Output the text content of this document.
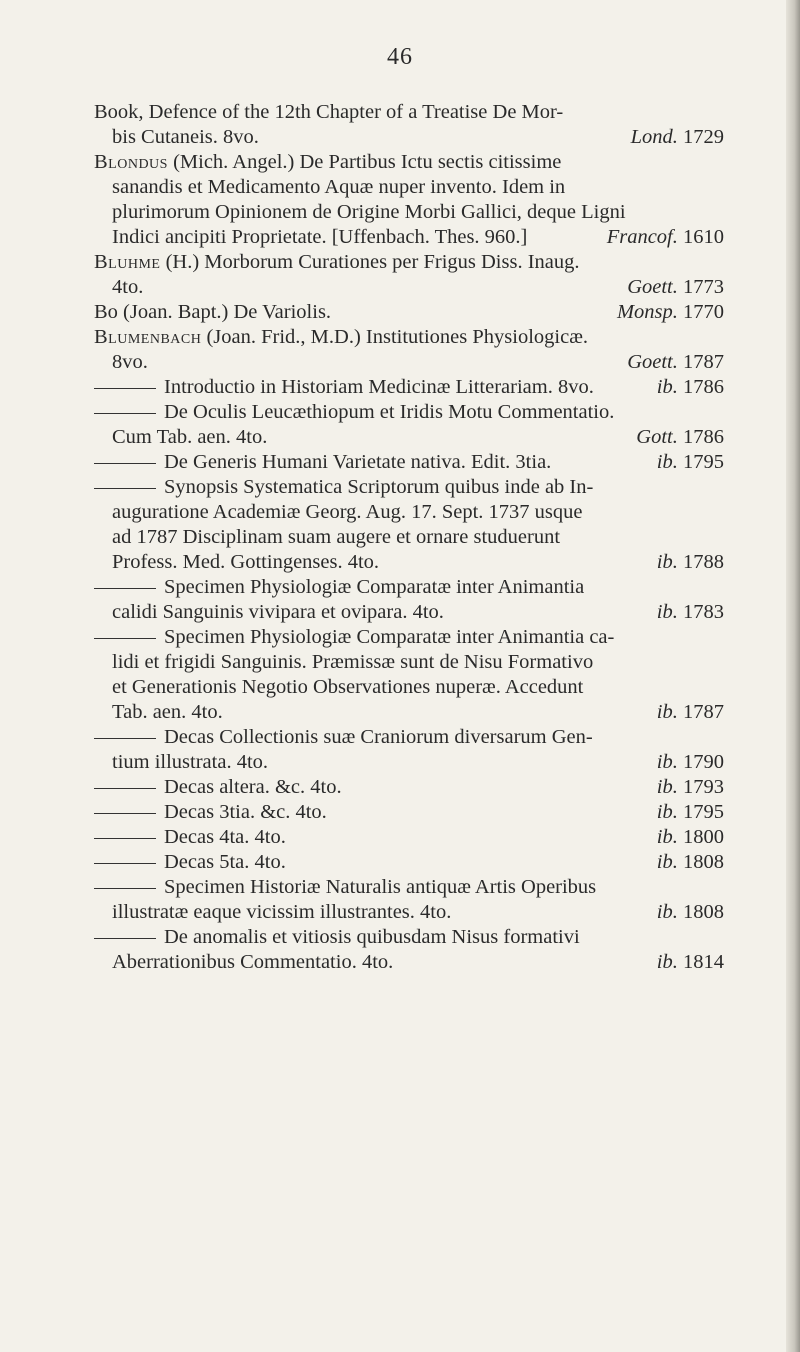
46
Book, Defence of the 12th Chapter of a Treatise De Mor-
bis Cutaneis. 8vo.	Lond. 1729
Blondus (Mich. Angel.) De Partibus Ictu sectis citissime
sanandis et Medicamento Aquæ nuper invento. Idem in
plurimorum Opinionem de Origine Morbi Gallici, deque Ligni
Indici ancipiti Proprietate. [Uffenbach. Thes. 960.]	Francof. 1610
Bluhme (H.) Morborum Curationes per Frigus Diss. Inaug.
4to.	Goett. 1773
Bo (Joan. Bapt.) De Variolis.	Monsp. 1770
Blumenbach (Joan. Frid., M.D.) Institutiones Physiologicæ.
8vo.	Goett. 1787
Introductio in Historiam Medicinæ Litterariam. 8vo.	ib. 1786
De Oculis Leucæthiopum et Iridis Motu Commentatio.
Cum Tab. aen. 4to.	Gott. 1786
De Generis Humani Varietate nativa. Edit. 3tia.	ib. 1795
Synopsis Systematica Scriptorum quibus inde ab In-
auguratione Academiæ Georg. Aug. 17. Sept. 1737 usque
ad 1787 Disciplinam suam augere et ornare studuerunt
Profess. Med. Gottingenses. 4to.	ib. 1788
Specimen Physiologiæ Comparatæ inter Animantia
calidi Sanguinis vivipara et ovipara. 4to.	ib. 1783
Specimen Physiologiæ Comparatæ inter Animantia ca-
lidi et frigidi Sanguinis. Præmissæ sunt de Nisu Formativo
et Generationis Negotio Observationes nuperæ. Accedunt
Tab. aen. 4to.	ib. 1787
Decas Collectionis suæ Craniorum diversarum Gen-
tium illustrata. 4to.	ib. 1790
Decas altera. &c. 4to.	ib. 1793
Decas 3tia. &c. 4to.	ib. 1795
Decas 4ta. 4to.	ib. 1800
Decas 5ta. 4to.	ib. 1808
Specimen Historiæ Naturalis antiquæ Artis Operibus
illustratæ eaque vicissim illustrantes. 4to.	ib. 1808
De anomalis et vitiosis quibusdam Nisus formativi
Aberrationibus Commentatio. 4to.	ib. 1814
